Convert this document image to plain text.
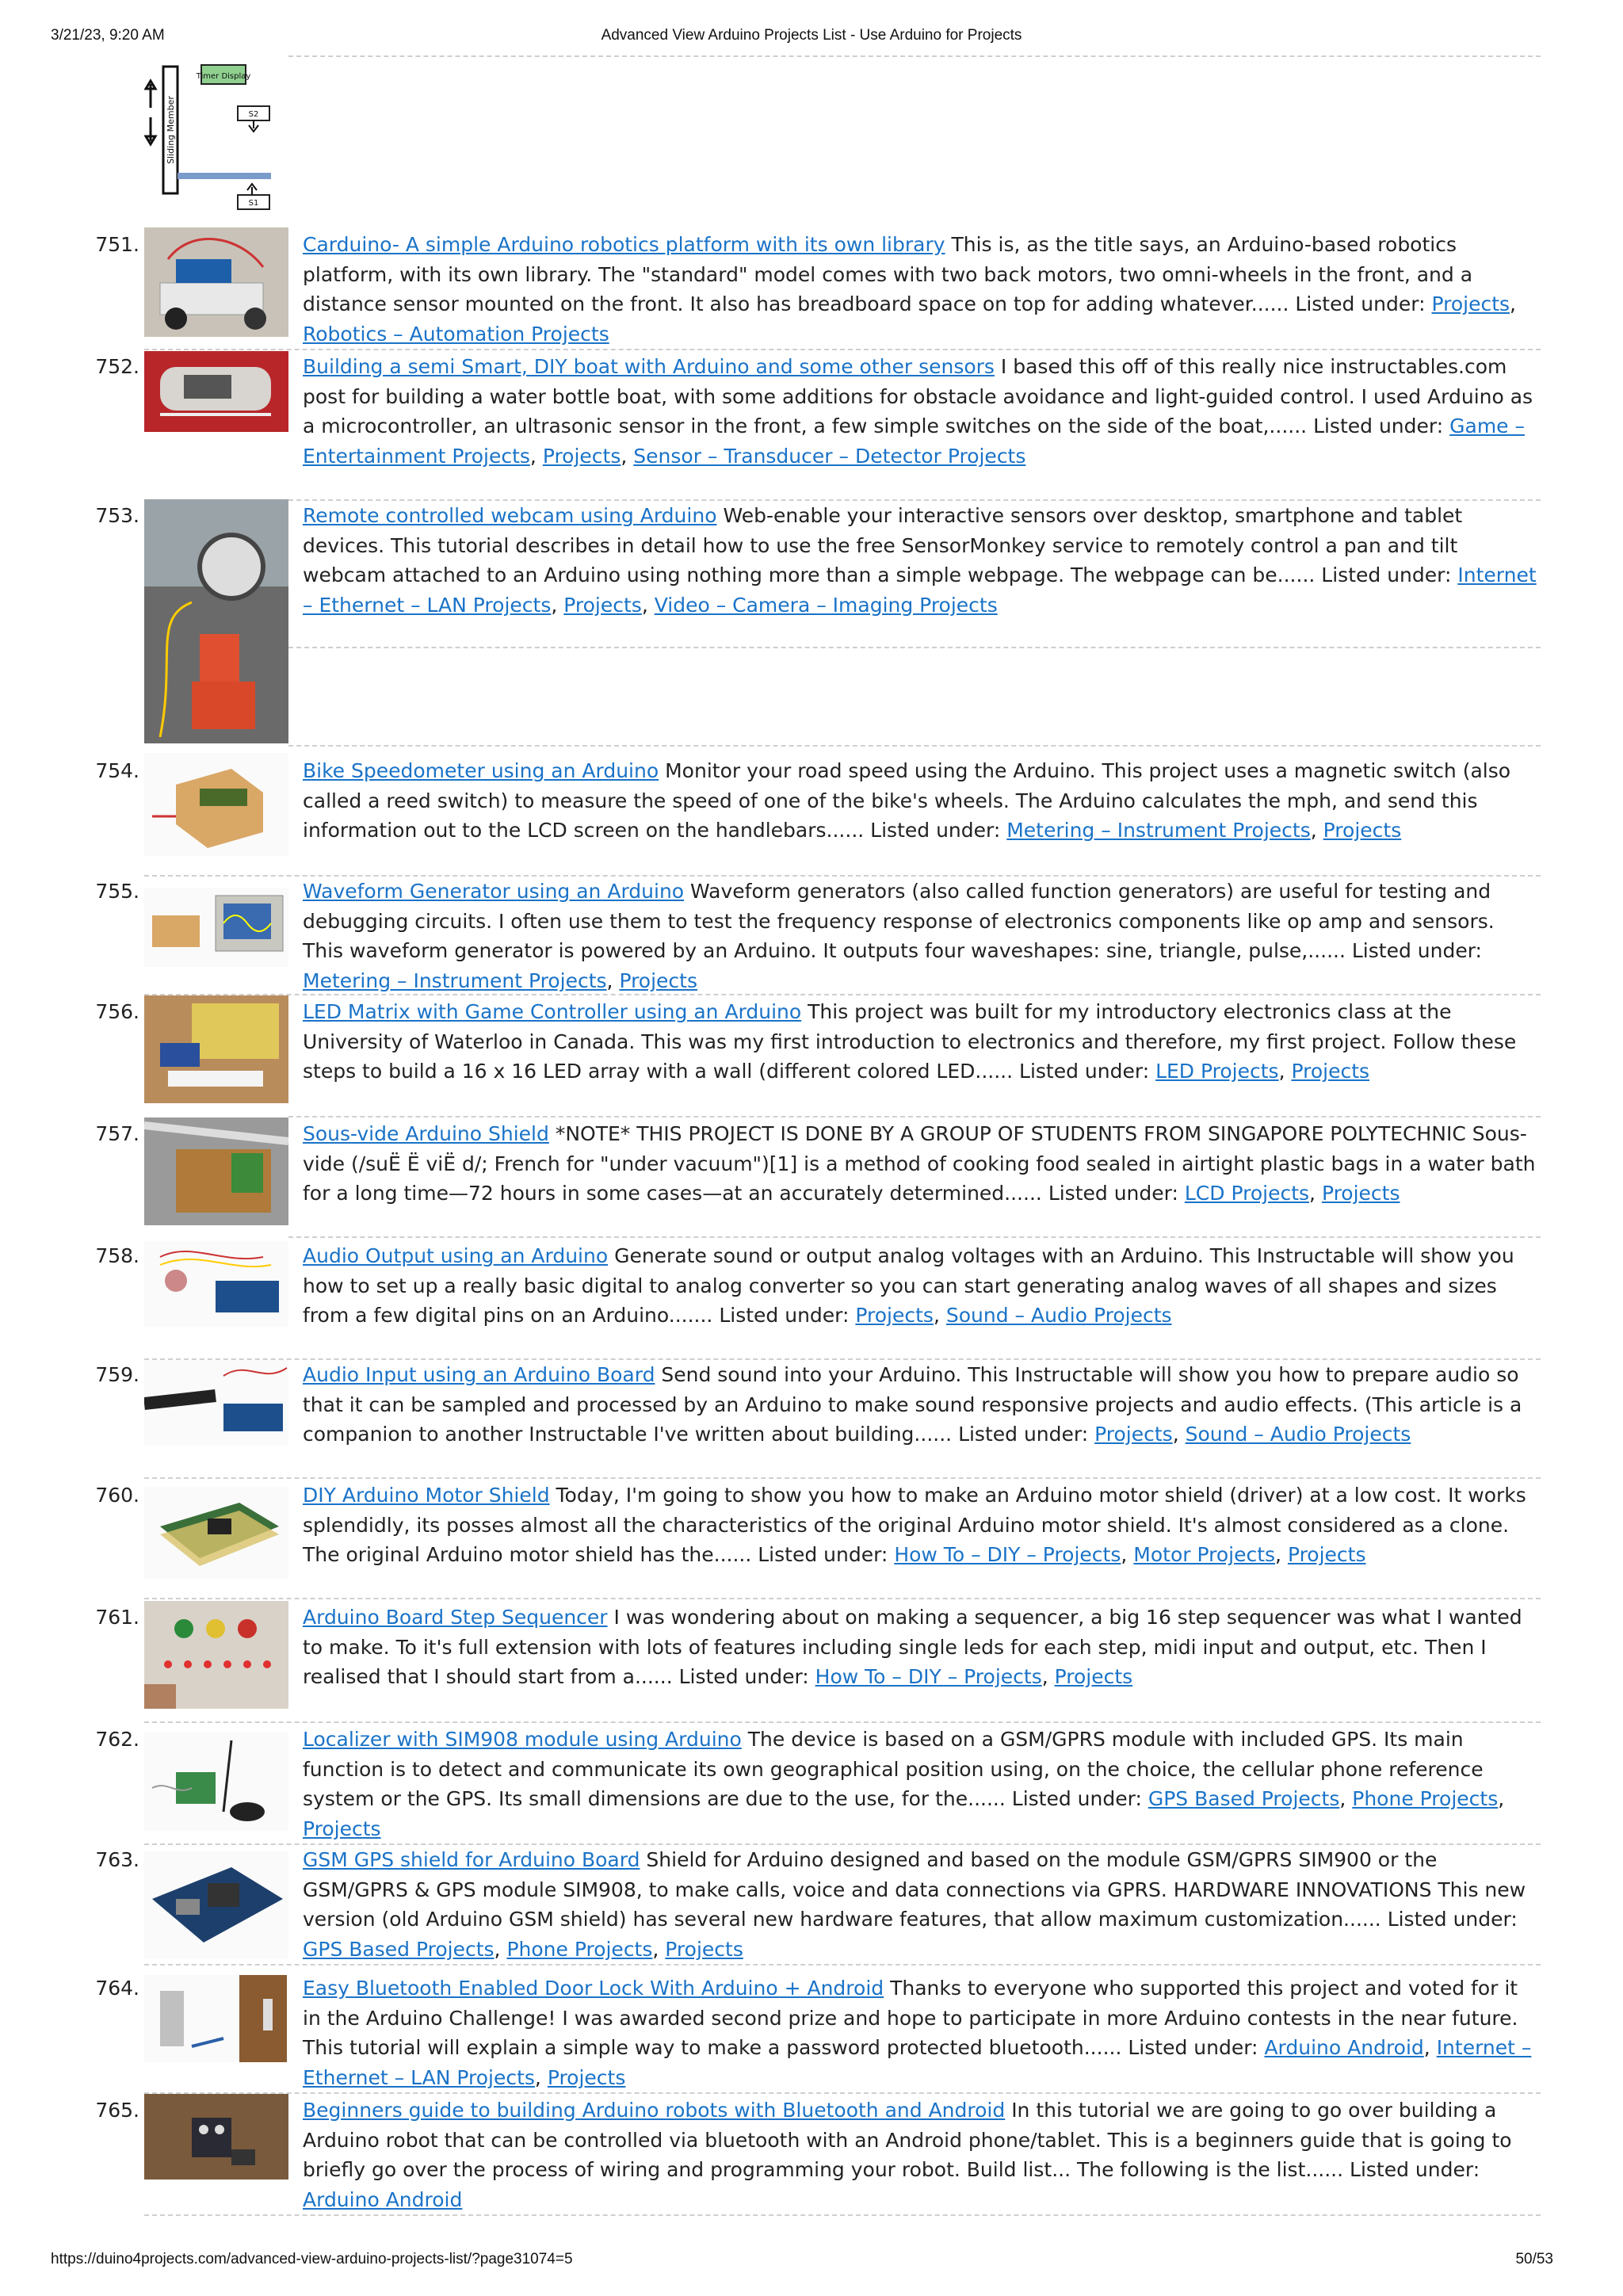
3/21/23, 9:20 AM	Advanced View Arduino Projects List - Use Arduino for Projects
https://duino4projects.com/advanced-view-arduino-projects-list/?page31074=5	50/53
Sliding Member
Timer Display
S2
S1
751.	Carduino- A simple Arduino robotics platform with its own library This is, as the title says, an Arduino-based robotics platform, with its own library. The "standard" model comes with two back motors, two omni-wheels in the front, and a distance sensor mounted on the front. It also has breadboard space on top for adding whatever...... Listed under: Projects, Robotics – Automation Projects
752.	Building a semi Smart, DIY boat with Arduino and some other sensors I based this off of this really nice instructables.com post for building a water bottle boat, with some additions for obstacle avoidance and light-guided control. I used Arduino as a microcontroller, an ultrasonic sensor in the front, a few simple switches on the side of the boat,...... Listed under: Game – Entertainment Projects, Projects, Sensor – Transducer – Detector Projects
753.	Remote controlled webcam using Arduino Web-enable your interactive sensors over desktop, smartphone and tablet devices. This tutorial describes in detail how to use the free SensorMonkey service to remotely control a pan and tilt webcam attached to an Arduino using nothing more than a simple webpage. The webpage can be...... Listed under: Internet – Ethernet – LAN Projects, Projects, Video – Camera – Imaging Projects
754.	Bike Speedometer using an Arduino Monitor your road speed using the Arduino. This project uses a magnetic switch (also called a reed switch) to measure the speed of one of the bike's wheels. The Arduino calculates the mph, and send this information out to the LCD screen on the handlebars...... Listed under: Metering – Instrument Projects, Projects
755.	Waveform Generator using an Arduino Waveform generators (also called function generators) are useful for testing and debugging circuits. I often use them to test the frequency response of electronics components like op amp and sensors. This waveform generator is powered by an Arduino. It outputs four waveshapes: sine, triangle, pulse,...... Listed under: Metering – Instrument Projects, Projects
756.	LED Matrix with Game Controller using an Arduino This project was built for my introductory electronics class at the University of Waterloo in Canada. This was my first introduction to electronics and therefore, my first project. Follow these steps to build a 16 x 16 LED array with a wall (different colored LED...... Listed under: LED Projects, Projects
757.	Sous-vide Arduino Shield *NOTE* THIS PROJECT IS DONE BY A GROUP OF STUDENTS FROM SINGAPORE POLYTECHNIC Sous-vide (/suË Ë viË d/; French for "under vacuum")[1] is a method of cooking food sealed in airtight plastic bags in a water bath for a long time—72 hours in some cases—at an accurately determined...... Listed under: LCD Projects, Projects
758.	Audio Output using an Arduino Generate sound or output analog voltages with an Arduino. This Instructable will show you how to set up a really basic digital to analog converter so you can start generating analog waves of all shapes and sizes from a few digital pins on an Arduino....... Listed under: Projects, Sound – Audio Projects
759.	Audio Input using an Arduino Board Send sound into your Arduino. This Instructable will show you how to prepare audio so that it can be sampled and processed by an Arduino to make sound responsive projects and audio effects. (This article is a companion to another Instructable I've written about building...... Listed under: Projects, Sound – Audio Projects
760.	DIY Arduino Motor Shield Today, I'm going to show you how to make an Arduino motor shield (driver) at a low cost. It works splendidly, its posses almost all the characteristics of the original Arduino motor shield. It's almost considered as a clone. The original Arduino motor shield has the...... Listed under: How To – DIY – Projects, Motor Projects, Projects
761.	Arduino Board Step Sequencer I was wondering about on making a sequencer, a big 16 step sequencer was what I wanted to make. To it's full extension with lots of features including single leds for each step, midi input and output, etc. Then I realised that I should start from a...... Listed under: How To – DIY – Projects, Projects
762.	Localizer with SIM908 module using Arduino The device is based on a GSM/GPRS module with included GPS. Its main function is to detect and communicate its own geographical position using, on the choice, the cellular phone reference system or the GPS. Its small dimensions are due to the use, for the...... Listed under: GPS Based Projects, Phone Projects, Projects
763.	GSM GPS shield for Arduino Board Shield for Arduino designed and based on the module GSM/GPRS SIM900 or the GSM/GPRS & GPS module SIM908, to make calls, voice and data connections via GPRS. HARDWARE INNOVATIONS This new version (old Arduino GSM shield) has several new hardware features, that allow maximum customization...... Listed under: GPS Based Projects, Phone Projects, Projects
764.	Easy Bluetooth Enabled Door Lock With Arduino + Android Thanks to everyone who supported this project and voted for it in the Arduino Challenge! I was awarded second prize and hope to participate in more Arduino contests in the near future. This tutorial will explain a simple way to make a password protected bluetooth...... Listed under: Arduino Android, Internet – Ethernet – LAN Projects, Projects
765.	Beginners guide to building Arduino robots with Bluetooth and Android In this tutorial we are going to go over building a Arduino robot that can be controlled via bluetooth with an Android phone/tablet. This is a beginners guide that is going to briefly go over the process of wiring and programming your robot. Build list... The following is the list...... Listed under: Arduino Android
